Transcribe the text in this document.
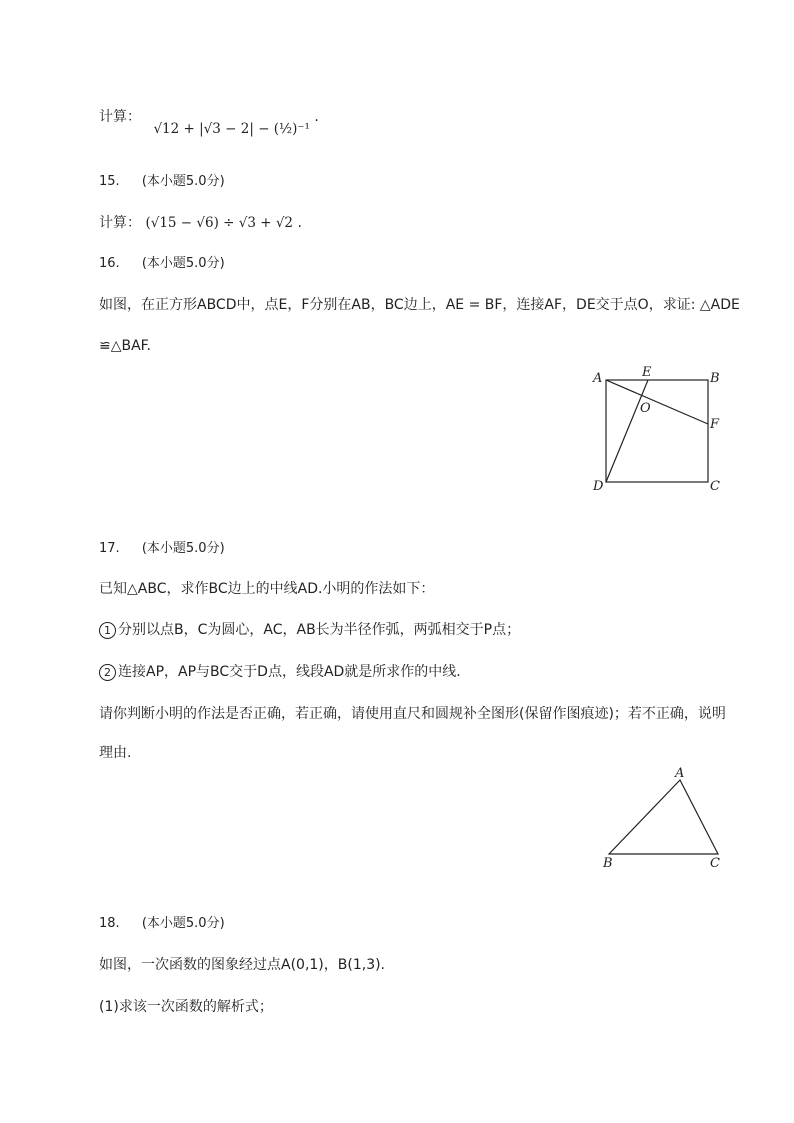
计算： √12 + |√3 − 2| − (½)⁻¹ .
15. (本小题5.0分)
计算： (√15 − √6) ÷ √3 + √2 .
16. (本小题5.0分)
如图，在正方形ABCD中，点E，F分别在AB，BC边上，AE = BF，连接AF，DE交于点O，求证: △ADE
≌△BAF.
A	E	B
O
F
D	C
17. (本小题5.0分)
已知△ABC，求作BC边上的中线AD.小明的作法如下：
1 分别以点B，C为圆心，AC，AB长为半径作弧，两弧相交于P点；
2 连接AP，AP与BC交于D点，线段AD就是所求作的中线.
请你判断小明的作法是否正确，若正确，请使用直尺和圆规补全图形(保留作图痕迹)；若不正确，说明
理由.
A
B	C
18. (本小题5.0分)
如图，一次函数的图象经过点A(0,1)，B(1,3).
(1)求该一次函数的解析式；
